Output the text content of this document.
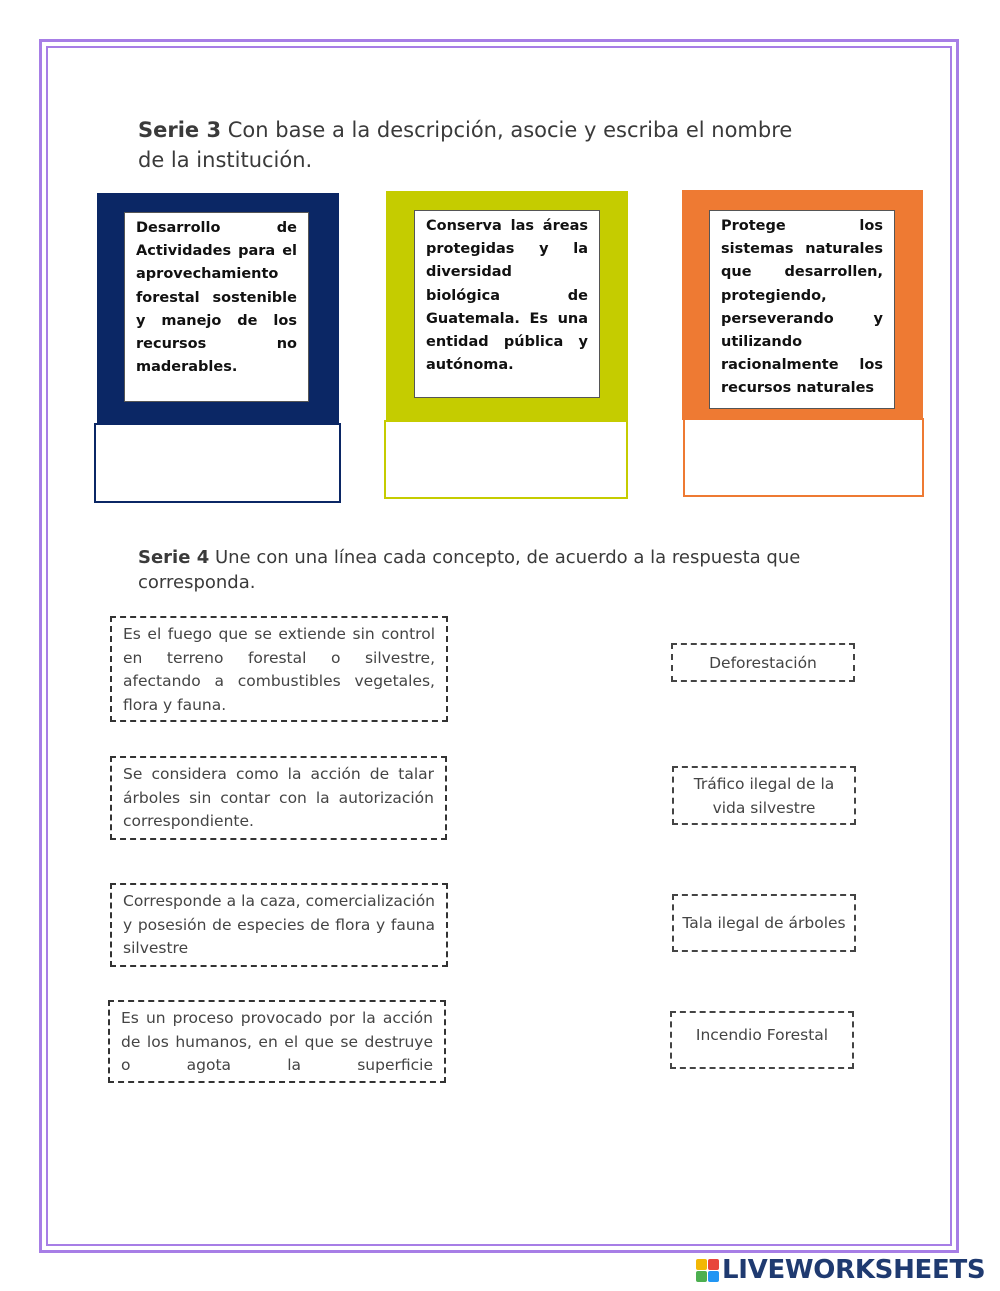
Serie 3 Con base a la descripción, asocie y escriba el nombre
de la institución.
Desarrollo de Actividades para el aprovechamiento forestal sostenible y manejo de los recursos no maderables.
Conserva las áreas protegidas y la diversidad biológica de Guatemala. Es una entidad pública y autónoma.
Protege los sistemas naturales que desarrollen, protegiendo, perseverando y utilizando racionalmente los recursos naturales
Serie 4 Une con una línea cada concepto, de acuerdo a la respuesta que
corresponda.
Es el fuego que se extiende sin control en terreno forestal o silvestre, afectando a combustibles vegetales, flora y fauna.
Se considera como la acción de talar árboles sin contar con la autorización correspondiente.
Corresponde a la caza, comercialización y posesión de especies de flora y fauna silvestre
Es un proceso provocado por la acción de los humanos, en el que se destruye o agota la superficie
Deforestación
Tráfico ilegal de la vida silvestre
Tala ilegal de árboles
Incendio Forestal
LIVEWORKSHEETS
